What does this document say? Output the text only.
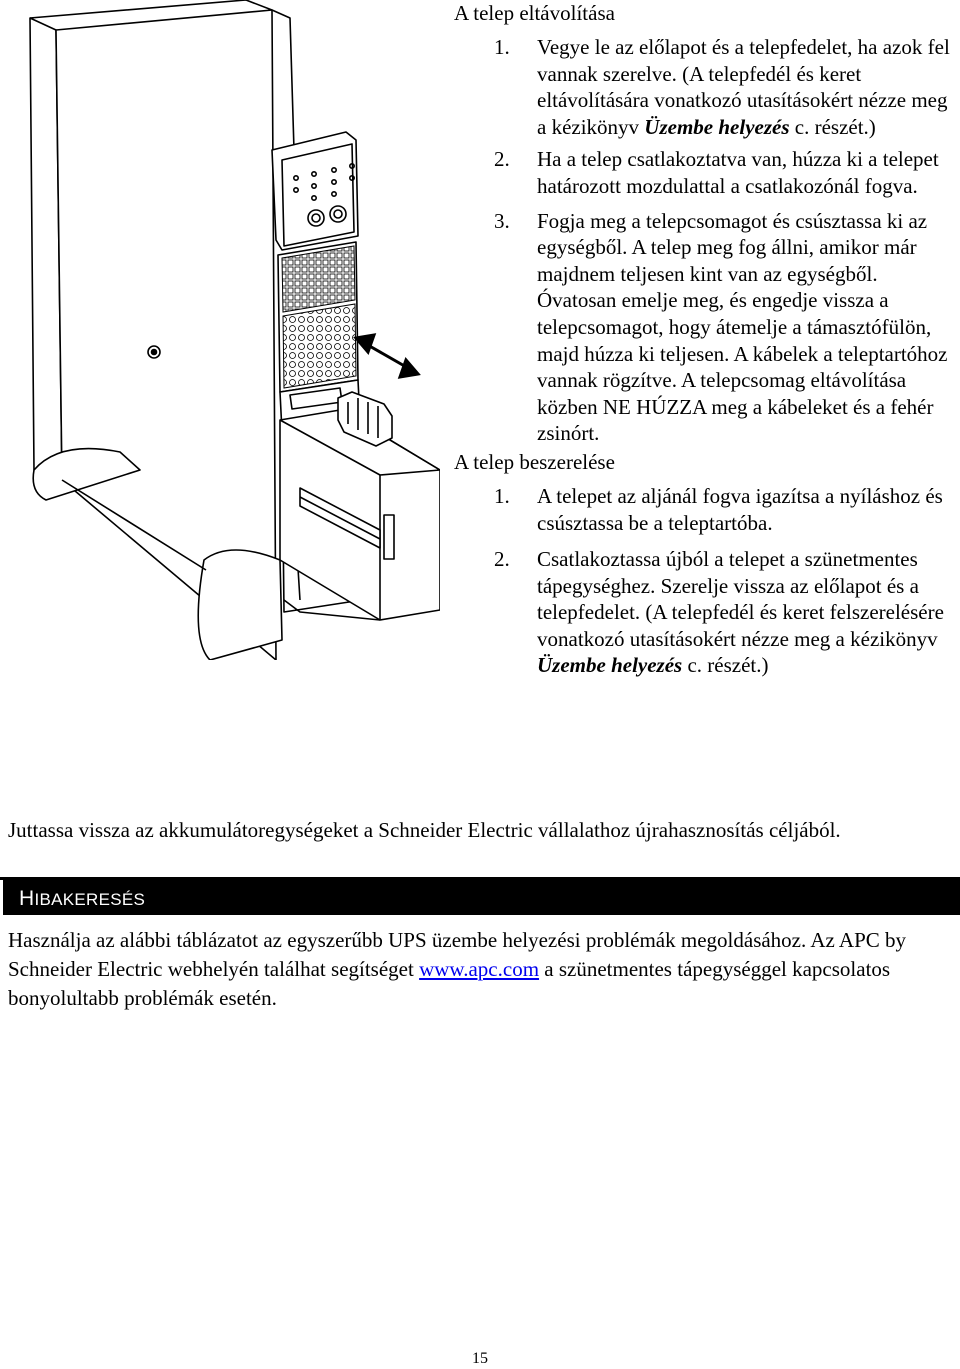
A telep eltávolítása
1. Vegye le az előlapot és a telepfedelet, ha azok fel vannak szerelve. (A telepfedél és keret eltávolítására vonatkozó utasításokért nézze meg a kézikönyv Üzembe helyezés c. részét.)
2. Ha a telep csatlakoztatva van, húzza ki a telepet határozott mozdulattal a csatlakozónál fogva.
3. Fogja meg a telepcsomagot és csúsztassa ki az egységből. A telep meg fog állni, amikor már majdnem teljesen kint van az egységből. Óvatosan emelje meg, és engedje vissza a telepcsomagot, hogy átemelje a támasztófülön, majd húzza ki teljesen. A kábelek a teleptartóhoz vannak rögzítve. A telepcsomag eltávolítása közben NE HÚZZA meg a kábeleket és a fehér zsinórt.
A telep beszerelése
1. A telepet az aljánál fogva igazítsa a nyíláshoz és csúsztassa be a teleptartóba.
2. Csatlakoztassa újból a telepet a szünetmentes tápegységhez. Szerelje vissza az előlapot és a telepfedelet. (A telepfedél és keret felszerelésére vonatkozó utasításokért nézze meg a kézikönyv Üzembe helyezés c. részét.)

Juttassa vissza az akkumulátoregységeket a Schneider Electric vállalathoz újrahasznosítás céljából.

HIBAKERESÉS

Használja az alábbi táblázatot az egyszerűbb UPS üzembe helyezési problémák megoldásához. Az APC by Schneider Electric webhelyén találhat segítséget www.apc.com a szünetmentes tápegységgel kapcsolatos bonyolultabb problémák esetén.

15
